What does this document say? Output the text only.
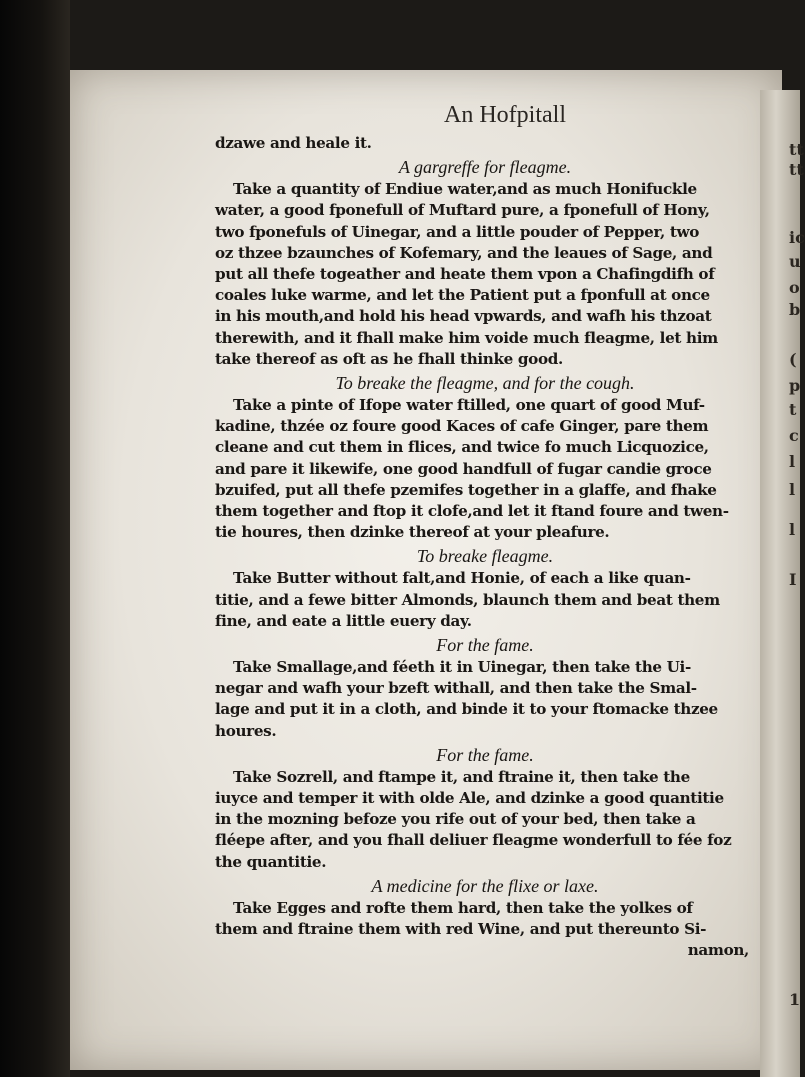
tt
tt
ic
u
o
b
(
p
t
c
l
l
l
I
1
An Hofpitall
dzawe and heale it.
A gargreffe for fleagme.
Take a quantity of Endiue water,and as much Honifuckle
water, a good fponefull of Muftard pure, a fponefull of Hony,
two fponefuls of Uinegar, and a little pouder of Pepper, two
oz thzee bzaunches of Kofemary, and the leaues of Sage, and
put all thefe togeather and heate them vpon a Chafingdifh of
coales luke warme, and let the Patient put a fponfull at once
in his mouth,and hold his head vpwards, and wafh his thzoat
therewith, and it fhall make him voide much fleagme, let him
take thereof as oft as he fhall thinke good.
To breake the fleagme, and for the cough.
Take a pinte of Ifope water ftilled, one quart of good Muf-
kadine, thzée oz foure good Kaces of cafe Ginger, pare them
cleane and cut them in flices, and twice fo much Licquozice,
and pare it likewife, one good handfull of fugar candie groce
bzuifed, put all thefe pzemifes together in a glaffe, and fhake
them together and ftop it clofe,and let it ftand foure and twen-
tie houres, then dzinke thereof at your pleafure.
To breake fleagme.
Take Butter without falt,and Honie, of each a like quan-
titie, and a fewe bitter Almonds, blaunch them and beat them
fine, and eate a little euery day.
For the fame.
Take Smallage,and féeth it in Uinegar, then take the Ui-
negar and wafh your bzeft withall, and then take the Smal-
lage and put it in a cloth, and binde it to your ftomacke thzee
houres.
For the fame.
Take Sozrell, and ftampe it, and ftraine it, then take the
iuyce and temper it with olde Ale, and dzinke a good quantitie
in the mozning befoze you rife out of your bed, then take a
fléepe after, and you fhall deliuer fleagme wonderfull to fée foz
the quantitie.
A medicine for the flixe or laxe.
Take Egges and rofte them hard, then take the yolkes of
them and ftraine them with red Wine, and put thereunto Si-
namon,
